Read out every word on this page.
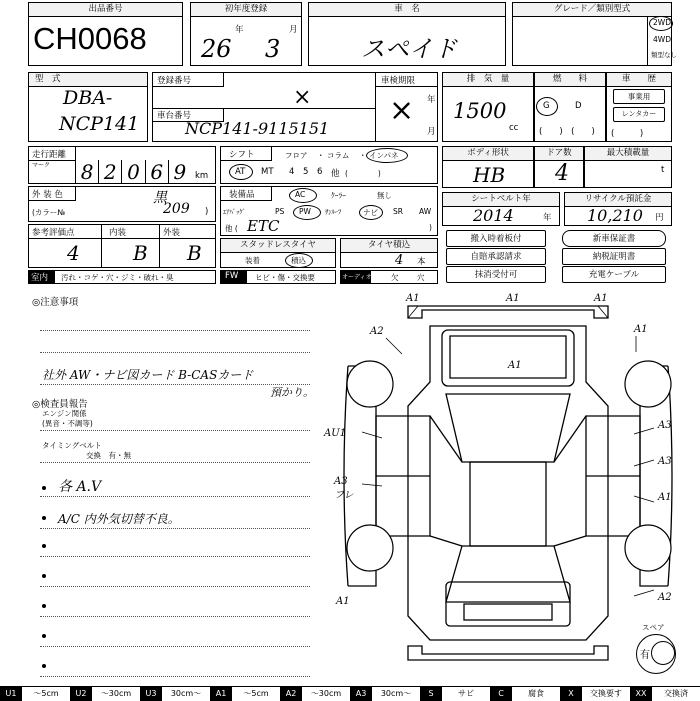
出品番号
CH0068
初年度登録
年	月
26 3
車　名
スペイド
グレード／類別型式
2WD
4WD
類型なし
型　式
DBA-
NCP141
登録番号
×
車台番号
NCP141-9115151
車検期限
× 年
月
排　気　量
1500
cc
燃　　料
G	D
(　　)　(　　)
車　　歴
事業用
レンタカー
(　　　)
走行距離
マーク 8 2 0 6 9	km
シフト	フロア ・ コラム ・ インパネ
AT MT 4 5 6 他 (　　　　)
ボディ形状
HB
ドア数
4
最大積載量
t
外 装 色
(カラー№
黒
209 )
装備品	AC	ｸｰﾗｰ	無し
ｴｱﾊﾞｯｸﾞ	PS PW ｻﾝﾙｰﾌ	ナビ SR AW
他 ( ETC	)
シートベルト年
2014	年
リサイクル預託金
10,210 円
参考評価点
4
内装
B
外装
B	スタッドレスタイヤ
装着	積込
タイヤ積込
4 本
搬入時着板付	新車保証書
自賠承認請求	納税証明書
抹消受付可	充電ケーブル
室内 汚れ・コゲ・穴・ジミ・破れ・臭	FW ヒビ・傷・交換要	オーディオ	欠 穴
◎注意事項
社外 AW・ナビ図カード B-CASカード
預かり。
◎検査員報告
エンジン関係
(異音・不調等)
タイミングベルト
交換　有・無
各 A.V
A/C 内外気切替不良。
A1	A1	A1
A2	A1
A1
AU1
A3
A3
A3
フレ
A1
A1
A2
スペア
有
U1	〜5cm	U2	〜30cm	U3	30cm〜	A1	〜5cm	A2	〜30cm	A3	30cm〜	S	サビ	C	腐食	X	交換要す	XX	交換済
